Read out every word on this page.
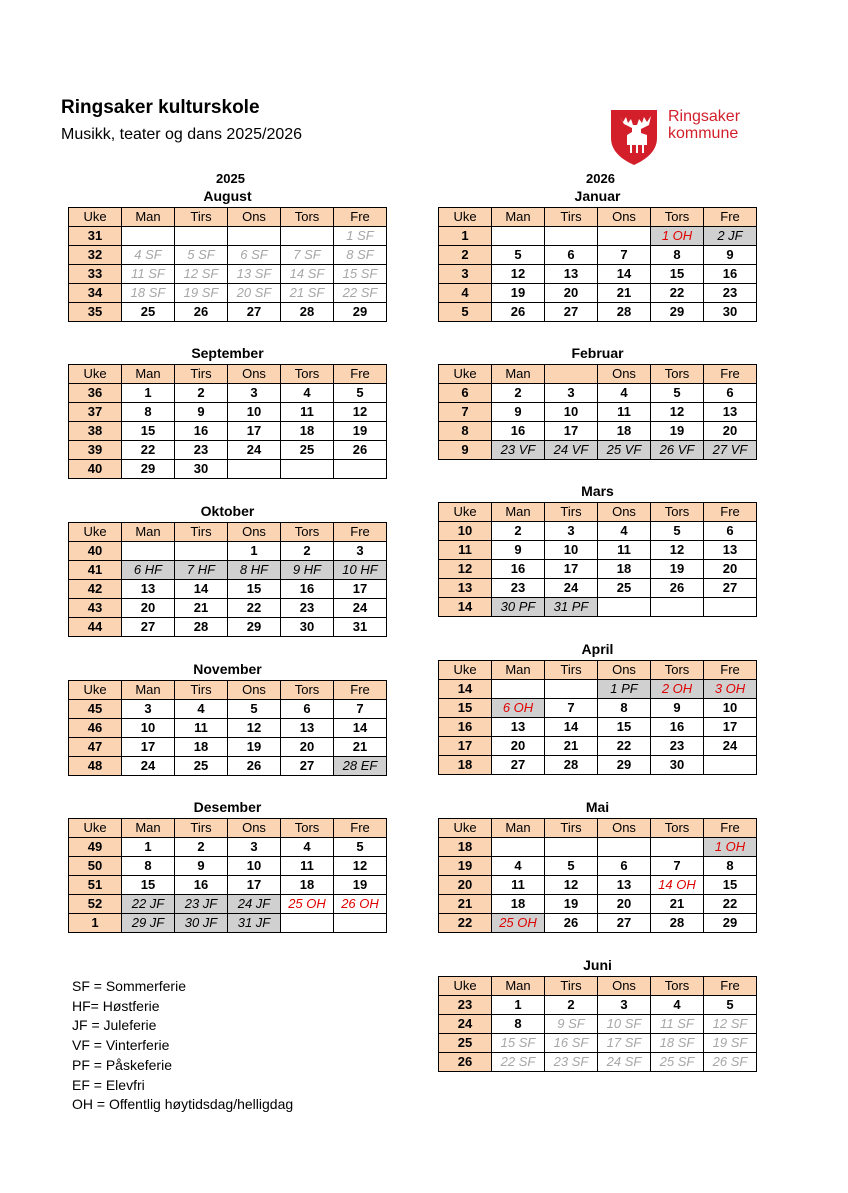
Ringsaker kulturskole
Musikk, teater og dans 2025/2026
Ringsaker
kommune
2025	2026
August
Uke	Man	Tirs	Ons	Tors	Fre
31					1 SF
32	4 SF	5 SF	6 SF	7 SF	8 SF
33	11 SF	12 SF	13 SF	14 SF	15 SF
34	18 SF	19 SF	20 SF	21 SF	22 SF
35	25	26	27	28	29
September
Uke	Man	Tirs	Ons	Tors	Fre
36	1	2	3	4	5
37	8	9	10	11	12
38	15	16	17	18	19
39	22	23	24	25	26
40	29	30			
Oktober
Uke	Man	Tirs	Ons	Tors	Fre
40			1	2	3
41	6 HF	7 HF	8 HF	9 HF	10 HF
42	13	14	15	16	17
43	20	21	22	23	24
44	27	28	29	30	31
November
Uke	Man	Tirs	Ons	Tors	Fre
45	3	4	5	6	7
46	10	11	12	13	14
47	17	18	19	20	21
48	24	25	26	27	28 EF
Desember
Uke	Man	Tirs	Ons	Tors	Fre
49	1	2	3	4	5
50	8	9	10	11	12
51	15	16	17	18	19
52	22 JF	23 JF	24 JF	25 OH	26 OH
1	29 JF	30 JF	31 JF		
Januar
Uke	Man	Tirs	Ons	Tors	Fre
1				1 OH	2 JF
2	5	6	7	8	9
3	12	13	14	15	16
4	19	20	21	22	23
5	26	27	28	29	30
Februar
Uke	Man		Ons	Tors	Fre
6	2	3	4	5	6
7	9	10	11	12	13
8	16	17	18	19	20
9	23 VF	24 VF	25 VF	26 VF	27 VF
Mars
Uke	Man	Tirs	Ons	Tors	Fre
10	2	3	4	5	6
11	9	10	11	12	13
12	16	17	18	19	20
13	23	24	25	26	27
14	30 PF	31 PF			
April
Uke	Man	Tirs	Ons	Tors	Fre
14			1 PF	2 OH	3 OH
15	6 OH	7	8	9	10
16	13	14	15	16	17
17	20	21	22	23	24
18	27	28	29	30	
Mai
Uke	Man	Tirs	Ons	Tors	Fre
18					1 OH
19	4	5	6	7	8
20	11	12	13	14 OH	15
21	18	19	20	21	22
22	25 OH	26	27	28	29
Juni
Uke	Man	Tirs	Ons	Tors	Fre
23	1	2	3	4	5
24	8	9 SF	10 SF	11 SF	12 SF
25	15 SF	16 SF	17 SF	18 SF	19 SF
26	22 SF	23 SF	24 SF	25 SF	26 SF
SF = Sommerferie
HF= Høstferie
JF = Juleferie
VF = Vinterferie
PF = Påskeferie
EF = Elevfri
OH = Offentlig høytidsdag/helligdag
